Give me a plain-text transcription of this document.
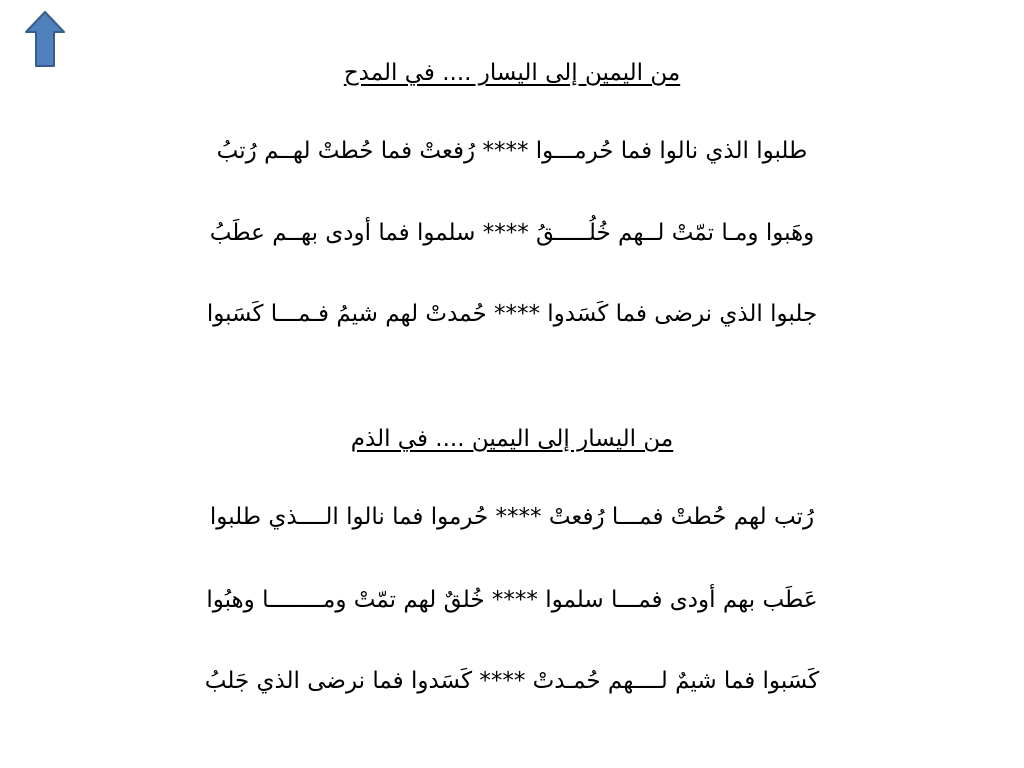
من اليمين إلى اليسار .... في المدح
طلبوا الذي نالوا فما حُرمـــوا **** رُفعتْ فما حُطتْ لهــم رُتبُ
وهَبوا ومـا تمّتْ لــهم خُلُـــــقُ **** سلموا فما أودى بهــم عطَبُ
جلبوا الذي نرضى فما كَسَدوا **** حُمدتْ لهم شيمُ فـمـــا كَسَبوا
من اليسار إلى اليمين .... في الذم
رُتب لهم حُطتْ فمـــا رُفعتْ **** حُرموا فما نالوا الــــذي طلبوا
عَطَب بهم أودى فمـــا سلموا **** خُلقٌ لهم تمّتْ ومــــــــا وهبُوا
كَسَبوا فما شيمٌ لــــهم حُمـدتْ **** كَسَدوا فما نرضى الذي جَلبُ
